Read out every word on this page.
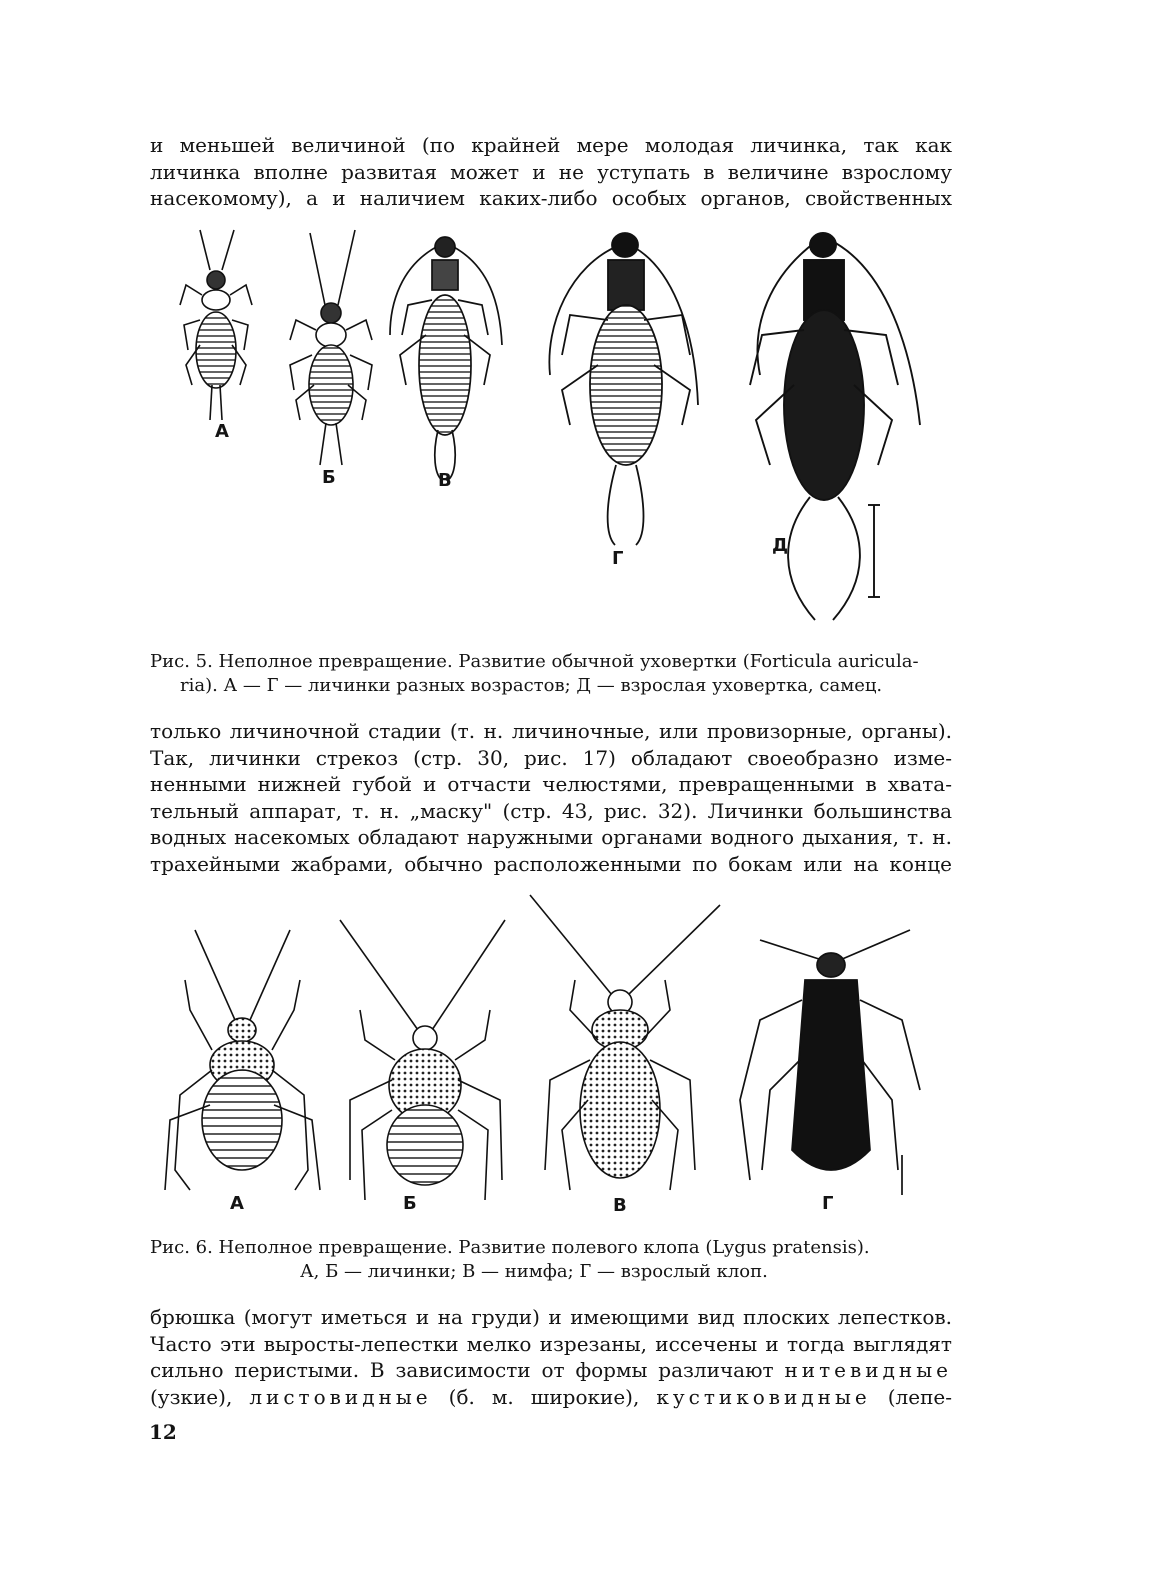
и меньшей величиной (по крайней мере молодая личинка, так как
личинка вполне развитая может и не уступать в величине взрослому
насекомому), а и наличием каких-либо особых органов, свойственных
А
Б	В
Г
Д
Рис. 5. Неполное превращение. Развитие обычной уховертки (Forticula auricula-
ria). А — Г — личинки разных возрастов; Д — взрослая уховертка, самец.
только личиночной стадии (т. н. личиночные, или провизорные, органы).
Так, личинки стрекоз (стр. 30, рис. 17) обладают своеобразно изме-
ненными нижней губой и отчасти челюстями, превращенными в хвата-
тельный аппарат, т. н. „маску" (стр. 43, рис. 32). Личинки большинства
водных насекомых обладают наружными органами водного дыхания, т. н.
трахейными жабрами, обычно расположенными по бокам или на конце
А	Б	В	Г
Рис. 6. Неполное превращение. Развитие полевого клопа (Lygus pratensis).
А, Б — личинки; В — нимфа; Г — взрослый клоп.
брюшка (могут иметься и на груди) и имеющими вид плоских лепестков.
Часто эти выросты-лепестки мелко изрезаны, иссечены и тогда выглядят
сильно перистыми. В зависимости от формы различают нитевидные
(узкие), листовидные (б. м. широкие), кустиковидные (лепе-
12
